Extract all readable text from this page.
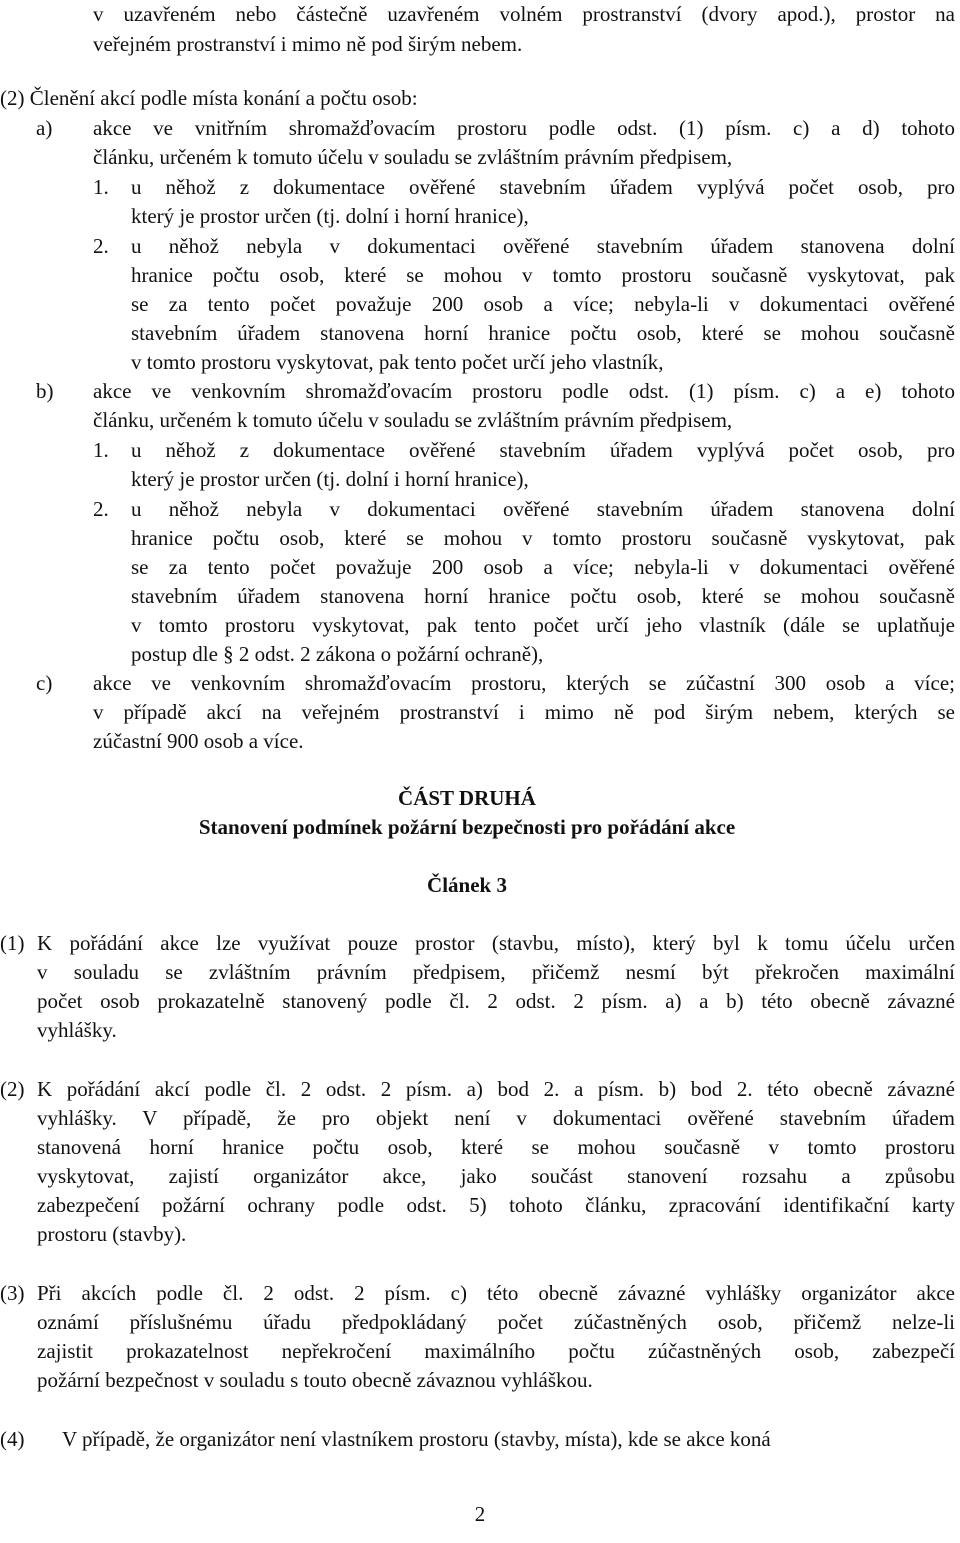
v uzavřeném nebo částečně uzavřeném volném prostranství (dvory apod.), prostor na
veřejném prostranství i mimo ně pod širým nebem.
(2) Členění akcí podle místa konání a počtu osob:
a) akce ve vnitřním shromažďovacím prostoru podle odst. (1) písm. c) a d) tohoto
článku, určeném k tomuto účelu v souladu se zvláštním právním předpisem,
1. u něhož z dokumentace ověřené stavebním úřadem vyplývá počet osob, pro
který je prostor určen (tj. dolní i horní hranice),
2. u něhož nebyla v dokumentaci ověřené stavebním úřadem stanovena dolní
hranice počtu osob, které se mohou v tomto prostoru současně vyskytovat, pak
se za tento počet považuje 200 osob a více; nebyla-li v dokumentaci ověřené
stavebním úřadem stanovena horní hranice počtu osob, které se mohou současně
v tomto prostoru vyskytovat, pak tento počet určí jeho vlastník,
b) akce ve venkovním shromažďovacím prostoru podle odst. (1) písm. c) a e) tohoto
článku, určeném k tomuto účelu v souladu se zvláštním právním předpisem,
1. u něhož z dokumentace ověřené stavebním úřadem vyplývá počet osob, pro
který je prostor určen (tj. dolní i horní hranice),
2. u něhož nebyla v dokumentaci ověřené stavebním úřadem stanovena dolní
hranice počtu osob, které se mohou v tomto prostoru současně vyskytovat, pak
se za tento počet považuje 200 osob a více; nebyla-li v dokumentaci ověřené
stavebním úřadem stanovena horní hranice počtu osob, které se mohou současně
v tomto prostoru vyskytovat, pak tento počet určí jeho vlastník (dále se uplatňuje
postup dle § 2 odst. 2 zákona o požární ochraně),
c) akce ve venkovním shromažďovacím prostoru, kterých se zúčastní 300 osob a více;
v případě akcí na veřejném prostranství i mimo ně pod širým nebem, kterých se
zúčastní 900 osob a více.
ČÁST DRUHÁ
Stanovení podmínek požární bezpečnosti pro pořádání akce
Článek 3
(1) K pořádání akce lze využívat pouze prostor (stavbu, místo), který byl k tomu účelu určen
v souladu se zvláštním právním předpisem, přičemž nesmí být překročen maximální
počet osob prokazatelně stanovený podle čl. 2 odst. 2 písm. a) a b) této obecně závazné
vyhlášky.
(2) K pořádání akcí podle čl. 2 odst. 2 písm. a) bod 2. a písm. b) bod 2. této obecně závazné
vyhlášky. V případě, že pro objekt není v dokumentaci ověřené stavebním úřadem
stanovená horní hranice počtu osob, které se mohou současně v tomto prostoru
vyskytovat, zajistí organizátor akce, jako součást stanovení rozsahu a způsobu
zabezpečení požární ochrany podle odst. 5) tohoto článku, zpracování identifikační karty
prostoru (stavby).
(3) Při akcích podle čl. 2 odst. 2 písm. c) této obecně závazné vyhlášky organizátor akce
oznámí příslušnému úřadu předpokládaný počet zúčastněných osob, přičemž nelze-li
zajistit prokazatelnost nepřekročení maximálního počtu zúčastněných osob, zabezpečí
požární bezpečnost v souladu s touto obecně závaznou vyhláškou.
(4) V případě, že organizátor není vlastníkem prostoru (stavby, místa), kde se akce koná
2
